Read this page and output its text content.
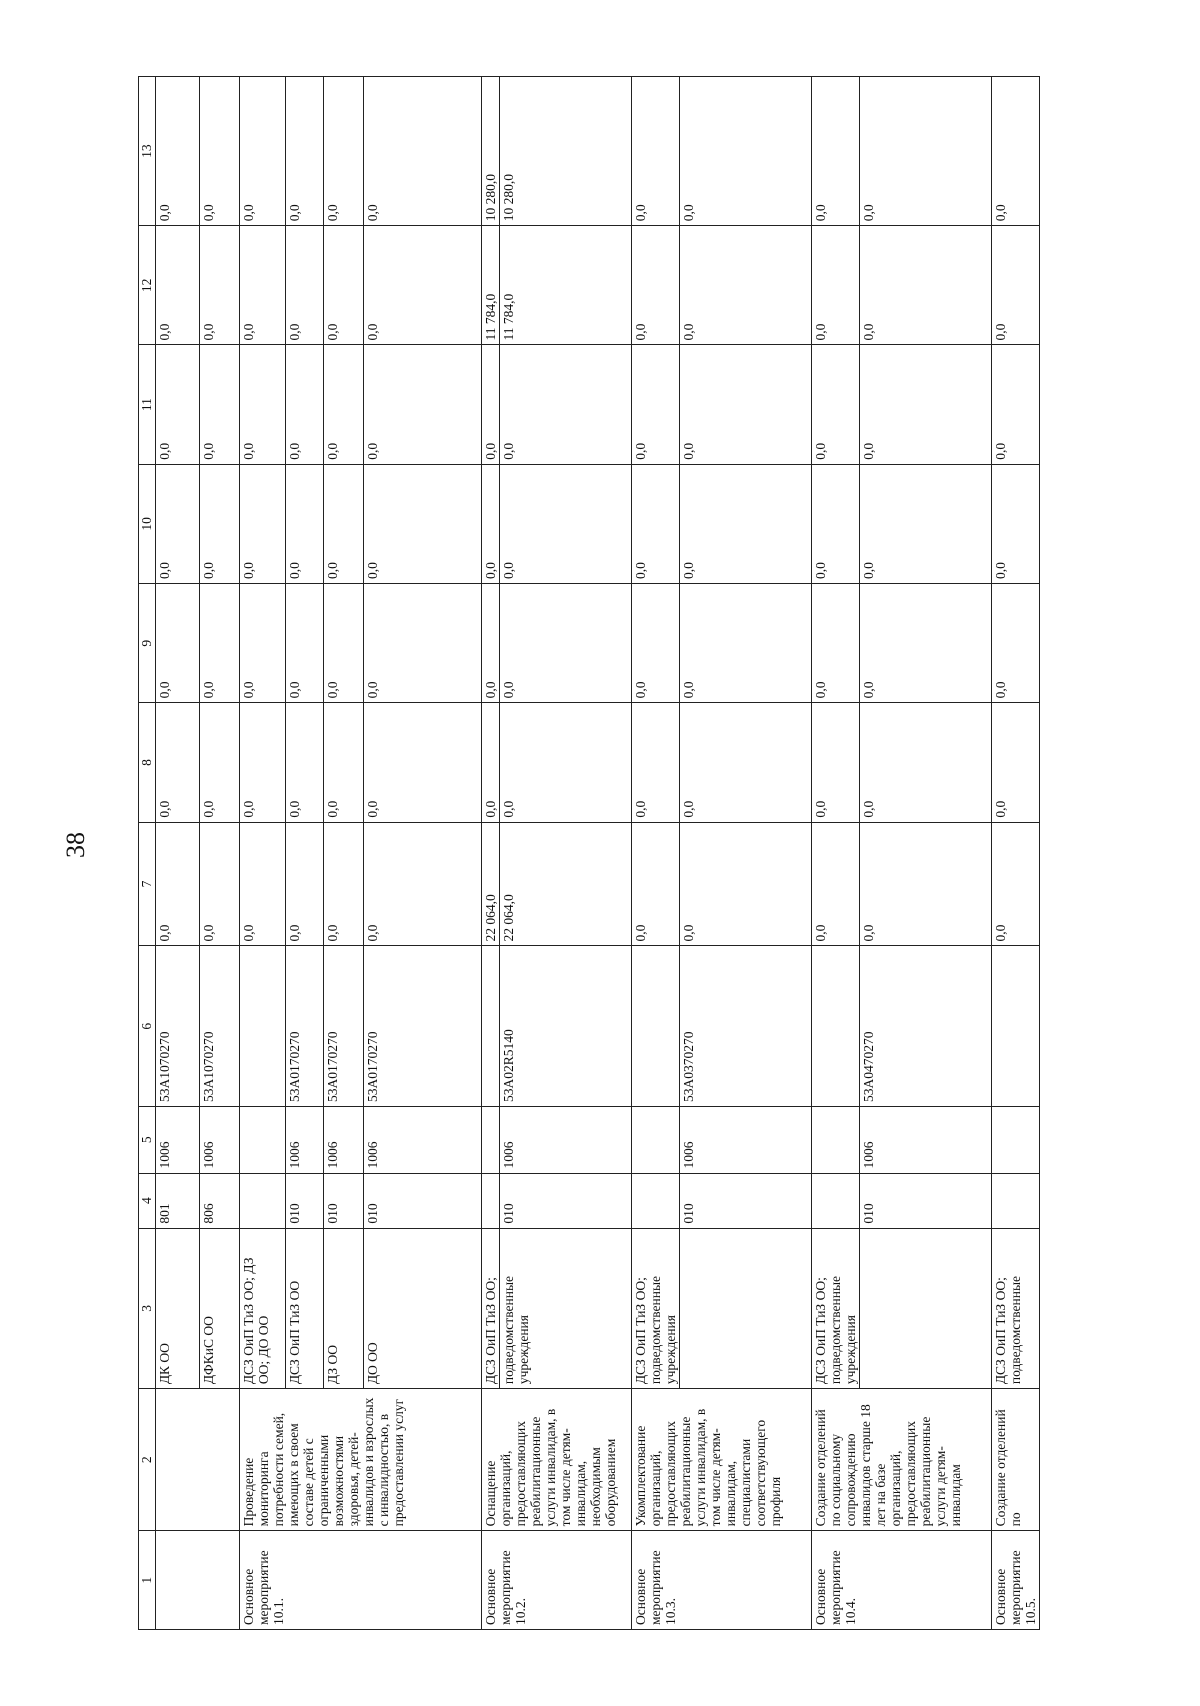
38
1	2	3	4	5	6	7	8	9	10	11	12	13
		ДК ОО	801	1006	53А1070270	0,0	0,0	0,0	0,0	0,0	0,0	0,0
		ДФКиС ОО	806	1006	53А1070270	0,0	0,0	0,0	0,0	0,0	0,0	0,0
Основное мероприятие 10.1.	Проведение мониторинга потребности семей, имеющих в своем составе детей с ограниченными возможностями здоровья, детей-инвалидов и взрослых с инвалидностью, в предоставлении услуг	ДСЗ ОиП ТиЗ ОО; ДЗ ОО; ДО ОО				0,0	0,0	0,0	0,0	0,0	0,0	0,0
		ДСЗ ОиП ТиЗ ОО	010	1006	53А0170270	0,0	0,0	0,0	0,0	0,0	0,0	0,0
		ДЗ ОО	010	1006	53А0170270	0,0	0,0	0,0	0,0	0,0	0,0	0,0
		ДО ОО	010	1006	53А0170270	0,0	0,0	0,0	0,0	0,0	0,0	0,0
Основное мероприятие 10.2.	Оснащение организаций, предоставляющих реабилитационные услуги инвалидам, в том числе детям-инвалидам, необходимым оборудованием	ДСЗ ОиП ТиЗ ОО;				22 064,0	0,0	0,0	0,0	0,0	11 784,0	10 280,0
		подведомственные учреждения	010	1006	53А02R5140	22 064,0	0,0	0,0	0,0	0,0	11 784,0	10 280,0
Основное мероприятие 10.3.	Укомплектование организаций, предоставляющих реабилитационные услуги инвалидам, в том числе детям-инвалидам, специалистами соответствующего профиля	ДСЗ ОиП ТиЗ ОО; подведомственные учреждения				0,0	0,0	0,0	0,0	0,0	0,0	0,0
			010	1006	53А0370270	0,0	0,0	0,0	0,0	0,0	0,0	0,0
Основное мероприятие 10.4.	Создание отделений по социальному сопровождению инвалидов старше 18 лет на базе организаций, предоставляющих реабилитационные услуги детям-инвалидам	ДСЗ ОиП ТиЗ ОО; подведомственные учреждения				0,0	0,0	0,0	0,0	0,0	0,0	0,0
			010	1006	53А0470270	0,0	0,0	0,0	0,0	0,0	0,0	0,0
Основное мероприятие 10.5.	Создание отделений по	ДСЗ ОиП ТиЗ ОО; подведомственные				0,0	0,0	0,0	0,0	0,0	0,0	0,0
